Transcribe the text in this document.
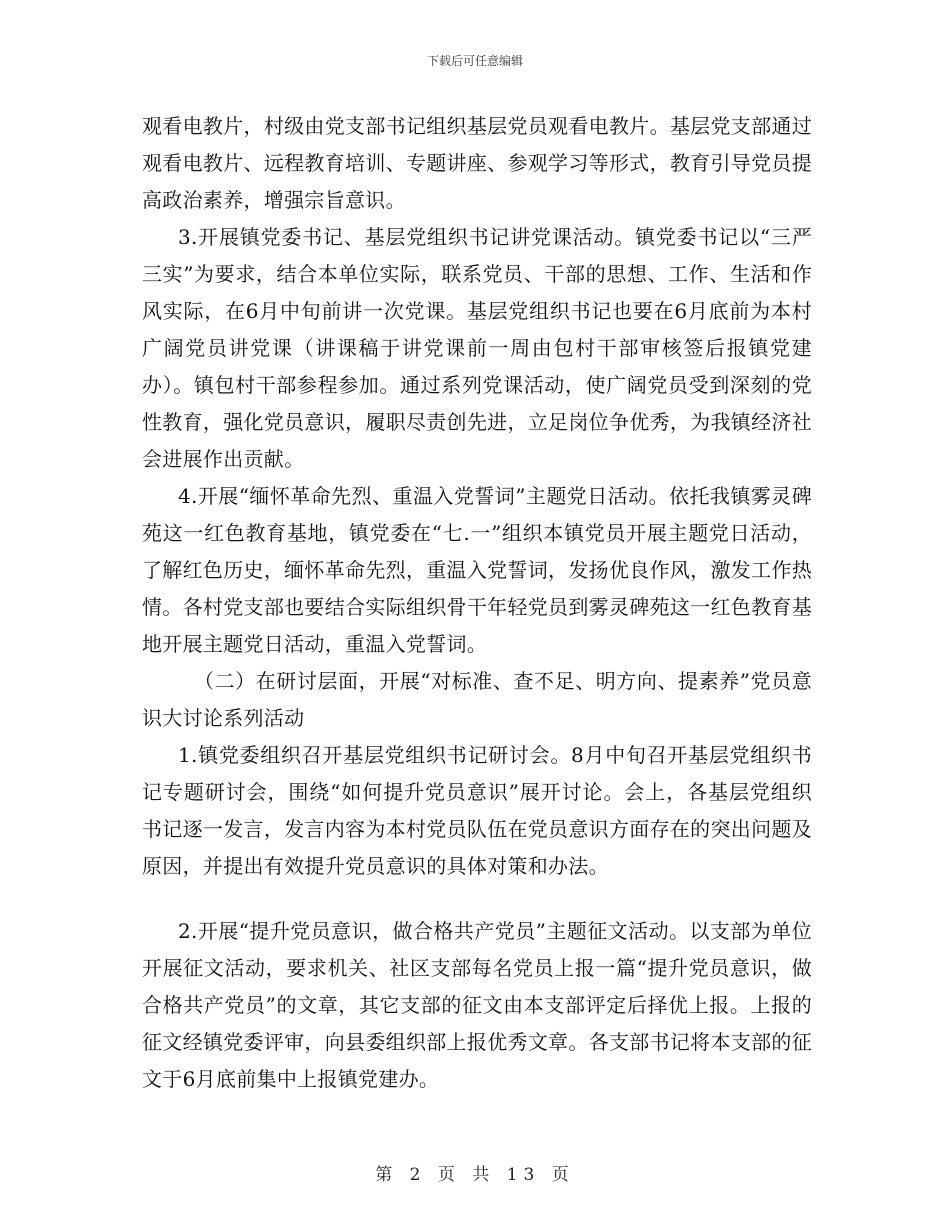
下载后可任意编辑

观看电教片，村级由党支部书记组织基层党员观看电教片。基层党支部通过观看电教片、远程教育培训、专题讲座、参观学习等形式，教育引导党员提高政治素养，增强宗旨意识。

3.开展镇党委书记、基层党组织书记讲党课活动。镇党委书记以“三严三实”为要求，结合本单位实际，联系党员、干部的思想、工作、生活和作风实际，在6月中旬前讲一次党课。基层党组织书记也要在6月底前为本村广阔党员讲党课（讲课稿于讲党课前一周由包村干部审核签后报镇党建办）。镇包村干部参程参加。通过系列党课活动，使广阔党员受到深刻的党性教育，强化党员意识，履职尽责创先进，立足岗位争优秀，为我镇经济社会进展作出贡献。

4.开展“缅怀革命先烈、重温入党誓词”主题党日活动。依托我镇雾灵碑苑这一红色教育基地，镇党委在“七.一”组织本镇党员开展主题党日活动，了解红色历史，缅怀革命先烈，重温入党誓词，发扬优良作风，激发工作热情。各村党支部也要结合实际组织骨干年轻党员到雾灵碑苑这一红色教育基地开展主题党日活动，重温入党誓词。

（二）在研讨层面，开展“对标准、查不足、明方向、提素养”党员意识大讨论系列活动

1.镇党委组织召开基层党组织书记研讨会。8月中旬召开基层党组织书记专题研讨会，围绕“如何提升党员意识”展开讨论。会上，各基层党组织书记逐一发言，发言内容为本村党员队伍在党员意识方面存在的突出问题及原因，并提出有效提升党员意识的具体对策和办法。

2.开展“提升党员意识，做合格共产党员”主题征文活动。以支部为单位开展征文活动，要求机关、社区支部每名党员上报一篇“提升党员意识，做合格共产党员”的文章，其它支部的征文由本支部评定后择优上报。上报的征文经镇党委评审，向县委组织部上报优秀文章。各支部书记将本支部的征文于6月底前集中上报镇党建办。

第 2 页 共 13 页
